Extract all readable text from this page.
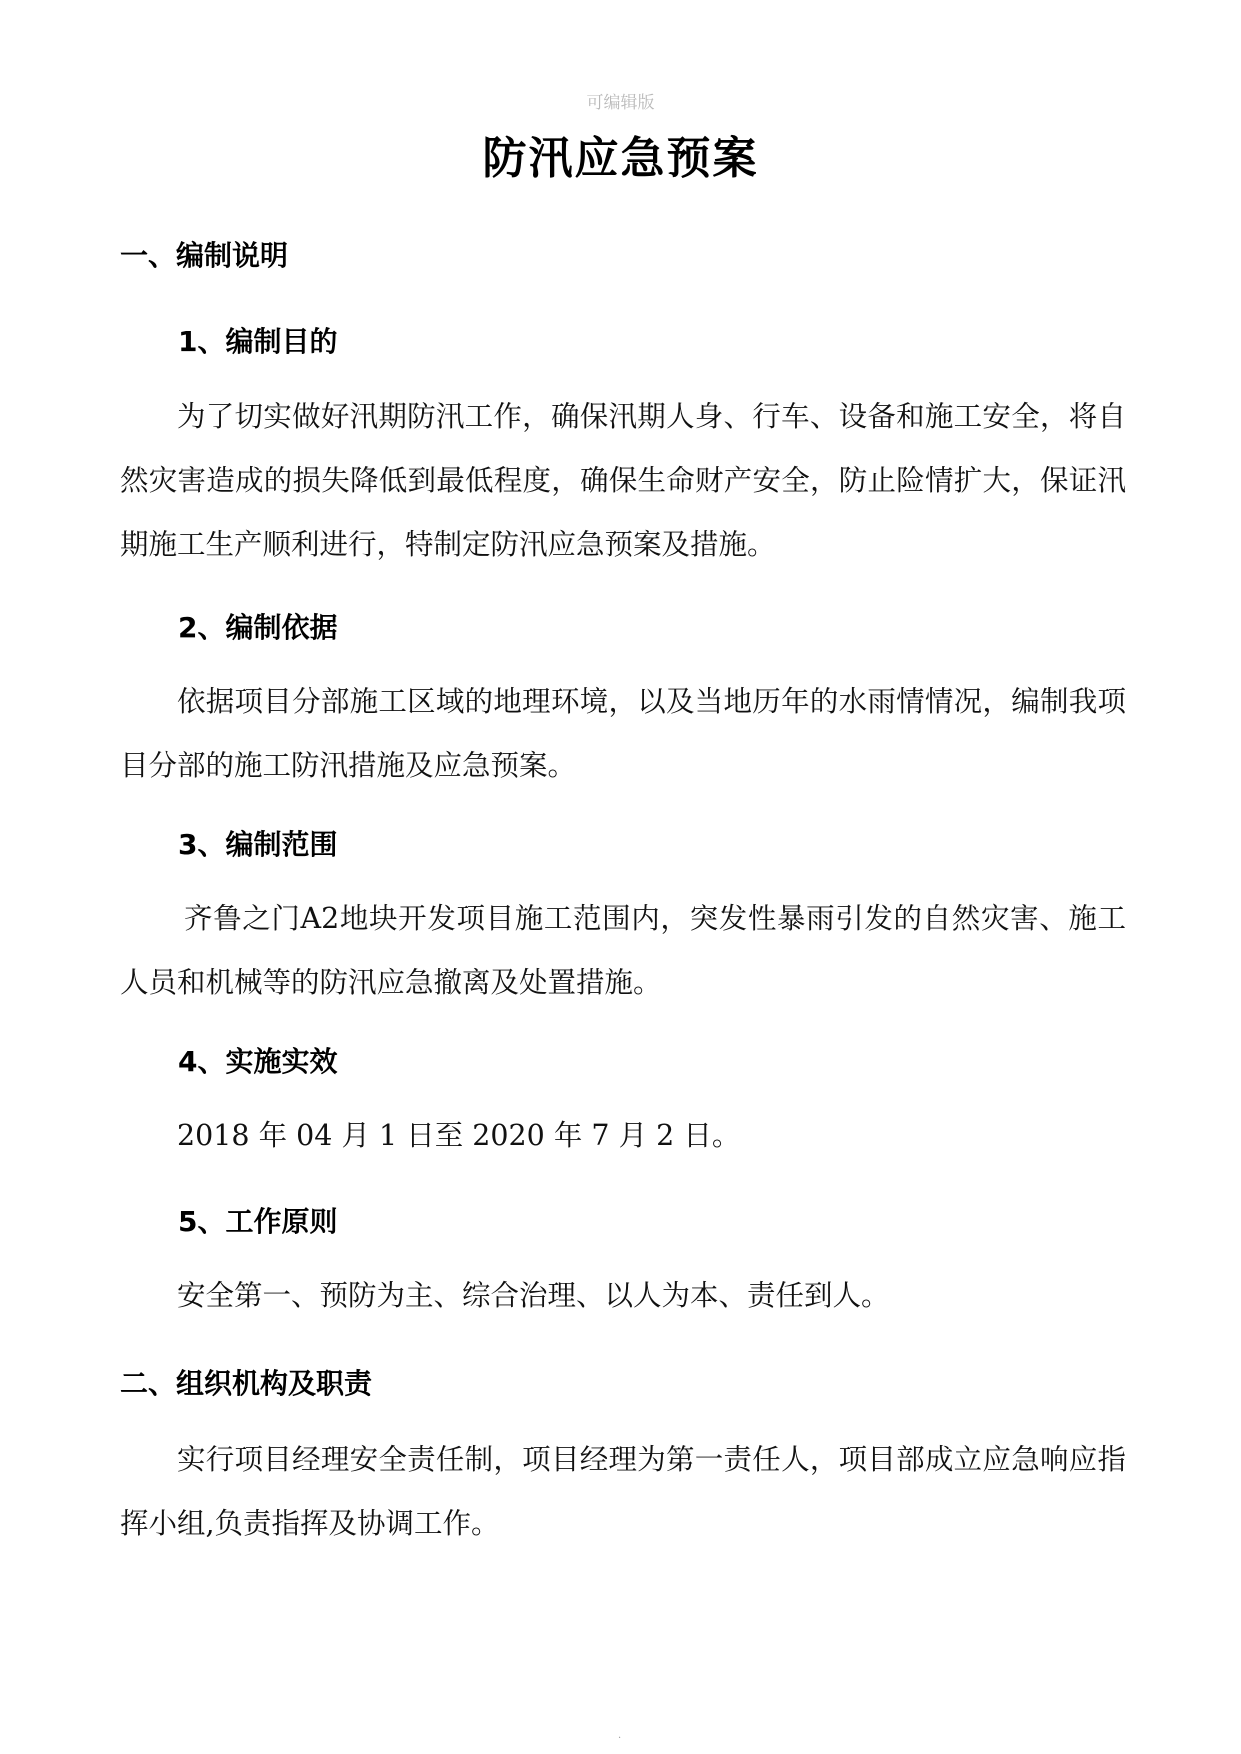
可编辑版
防汛应急预案
一、编制说明
1、编制目的
为了切实做好汛期防汛工作，确保汛期人身、行车、设备和施工安全，将自然灾害造成的损失降低到最低程度，确保生命财产安全，防止险情扩大，保证汛期施工生产顺利进行，特制定防汛应急预案及措施。
2、编制依据
依据项目分部施工区域的地理环境，以及当地历年的水雨情情况，编制我项目分部的施工防汛措施及应急预案。
3、编制范围
齐鲁之门A2地块开发项目施工范围内，突发性暴雨引发的自然灾害、施工人员和机械等的防汛应急撤离及处置措施。
4、实施实效
2018 年 04 月 1 日至 2020 年 7 月 2 日。
5、工作原则
安全第一、预防为主、综合治理、以人为本、责任到人。
二、组织机构及职责
实行项目经理安全责任制，项目经理为第一责任人，项目部成立应急响应指挥小组,负责指挥及协调工作。
.
